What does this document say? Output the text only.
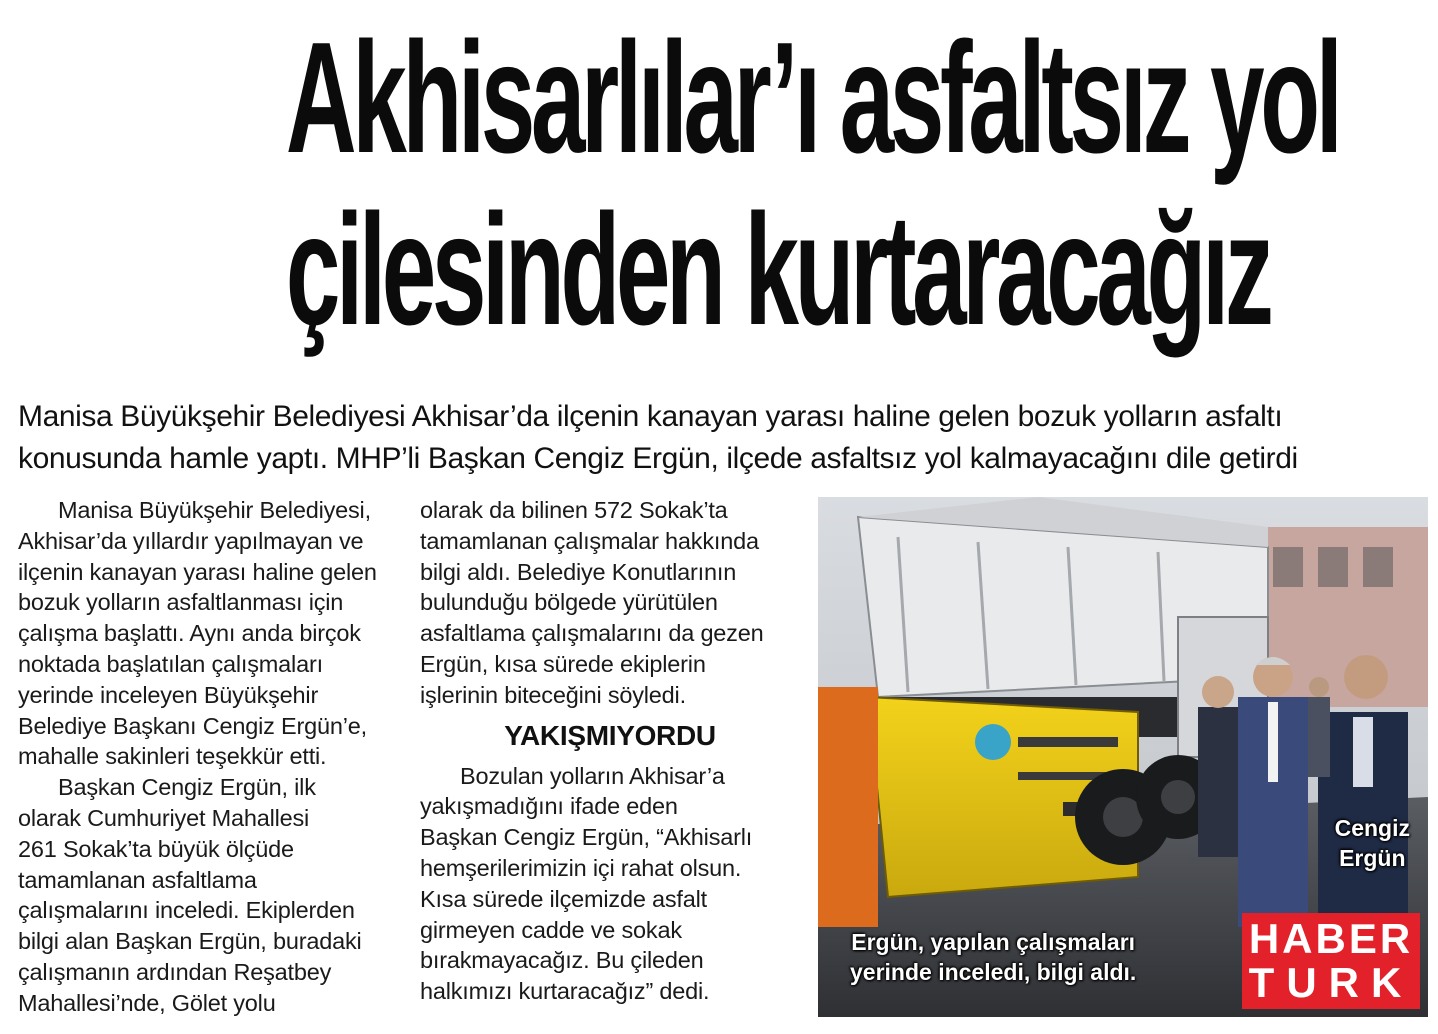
Akhisarlılar’ı asfaltsız yol
çilesinden kurtaracağız
Manisa Büyükşehir Belediyesi Akhisar’da ilçenin kanayan yarası haline gelen bozuk yolların asfaltı
konusunda hamle yaptı. MHP’li Başkan Cengiz Ergün, ilçede asfaltsız yol kalmayacağını dile getirdi
Manisa Büyükşehir Belediyesi,
Akhisar’da yıllardır yapılmayan ve
ilçenin kanayan yarası haline gelen
bozuk yolların asfaltlanması için
çalışma başlattı. Aynı anda birçok
noktada başlatılan çalışmaları
yerinde inceleyen Büyükşehir
Belediye Başkanı Cengiz Ergün’e,
mahalle sakinleri teşekkür etti.
Başkan Cengiz Ergün, ilk
olarak Cumhuriyet Mahallesi
261 Sokak’ta büyük ölçüde
tamamlanan asfaltlama
çalışmalarını inceledi. Ekiplerden
bilgi alan Başkan Ergün, buradaki
çalışmanın ardından Reşatbey
Mahallesi’nde, Gölet yolu
olarak da bilinen 572 Sokak’ta
tamamlanan çalışmalar hakkında
bilgi aldı. Belediye Konutlarının
bulunduğu bölgede yürütülen
asfaltlama çalışmalarını da gezen
Ergün, kısa sürede ekiplerin
işlerinin biteceğini söyledi.
YAKIŞMIYORDU
Bozulan yolların Akhisar’a
yakışmadığını ifade eden
Başkan Cengiz Ergün, “Akhisarlı
hemşerilerimizin içi rahat olsun.
Kısa sürede ilçemizde asfalt
girmeyen cadde ve sokak
bırakmayacağız. Bu çileden
halkımızı kurtaracağız” dedi.
Cengiz
Ergün
Ergün, yapılan çalışmaları
yerinde inceledi, bilgi aldı.
HABER
TURK
